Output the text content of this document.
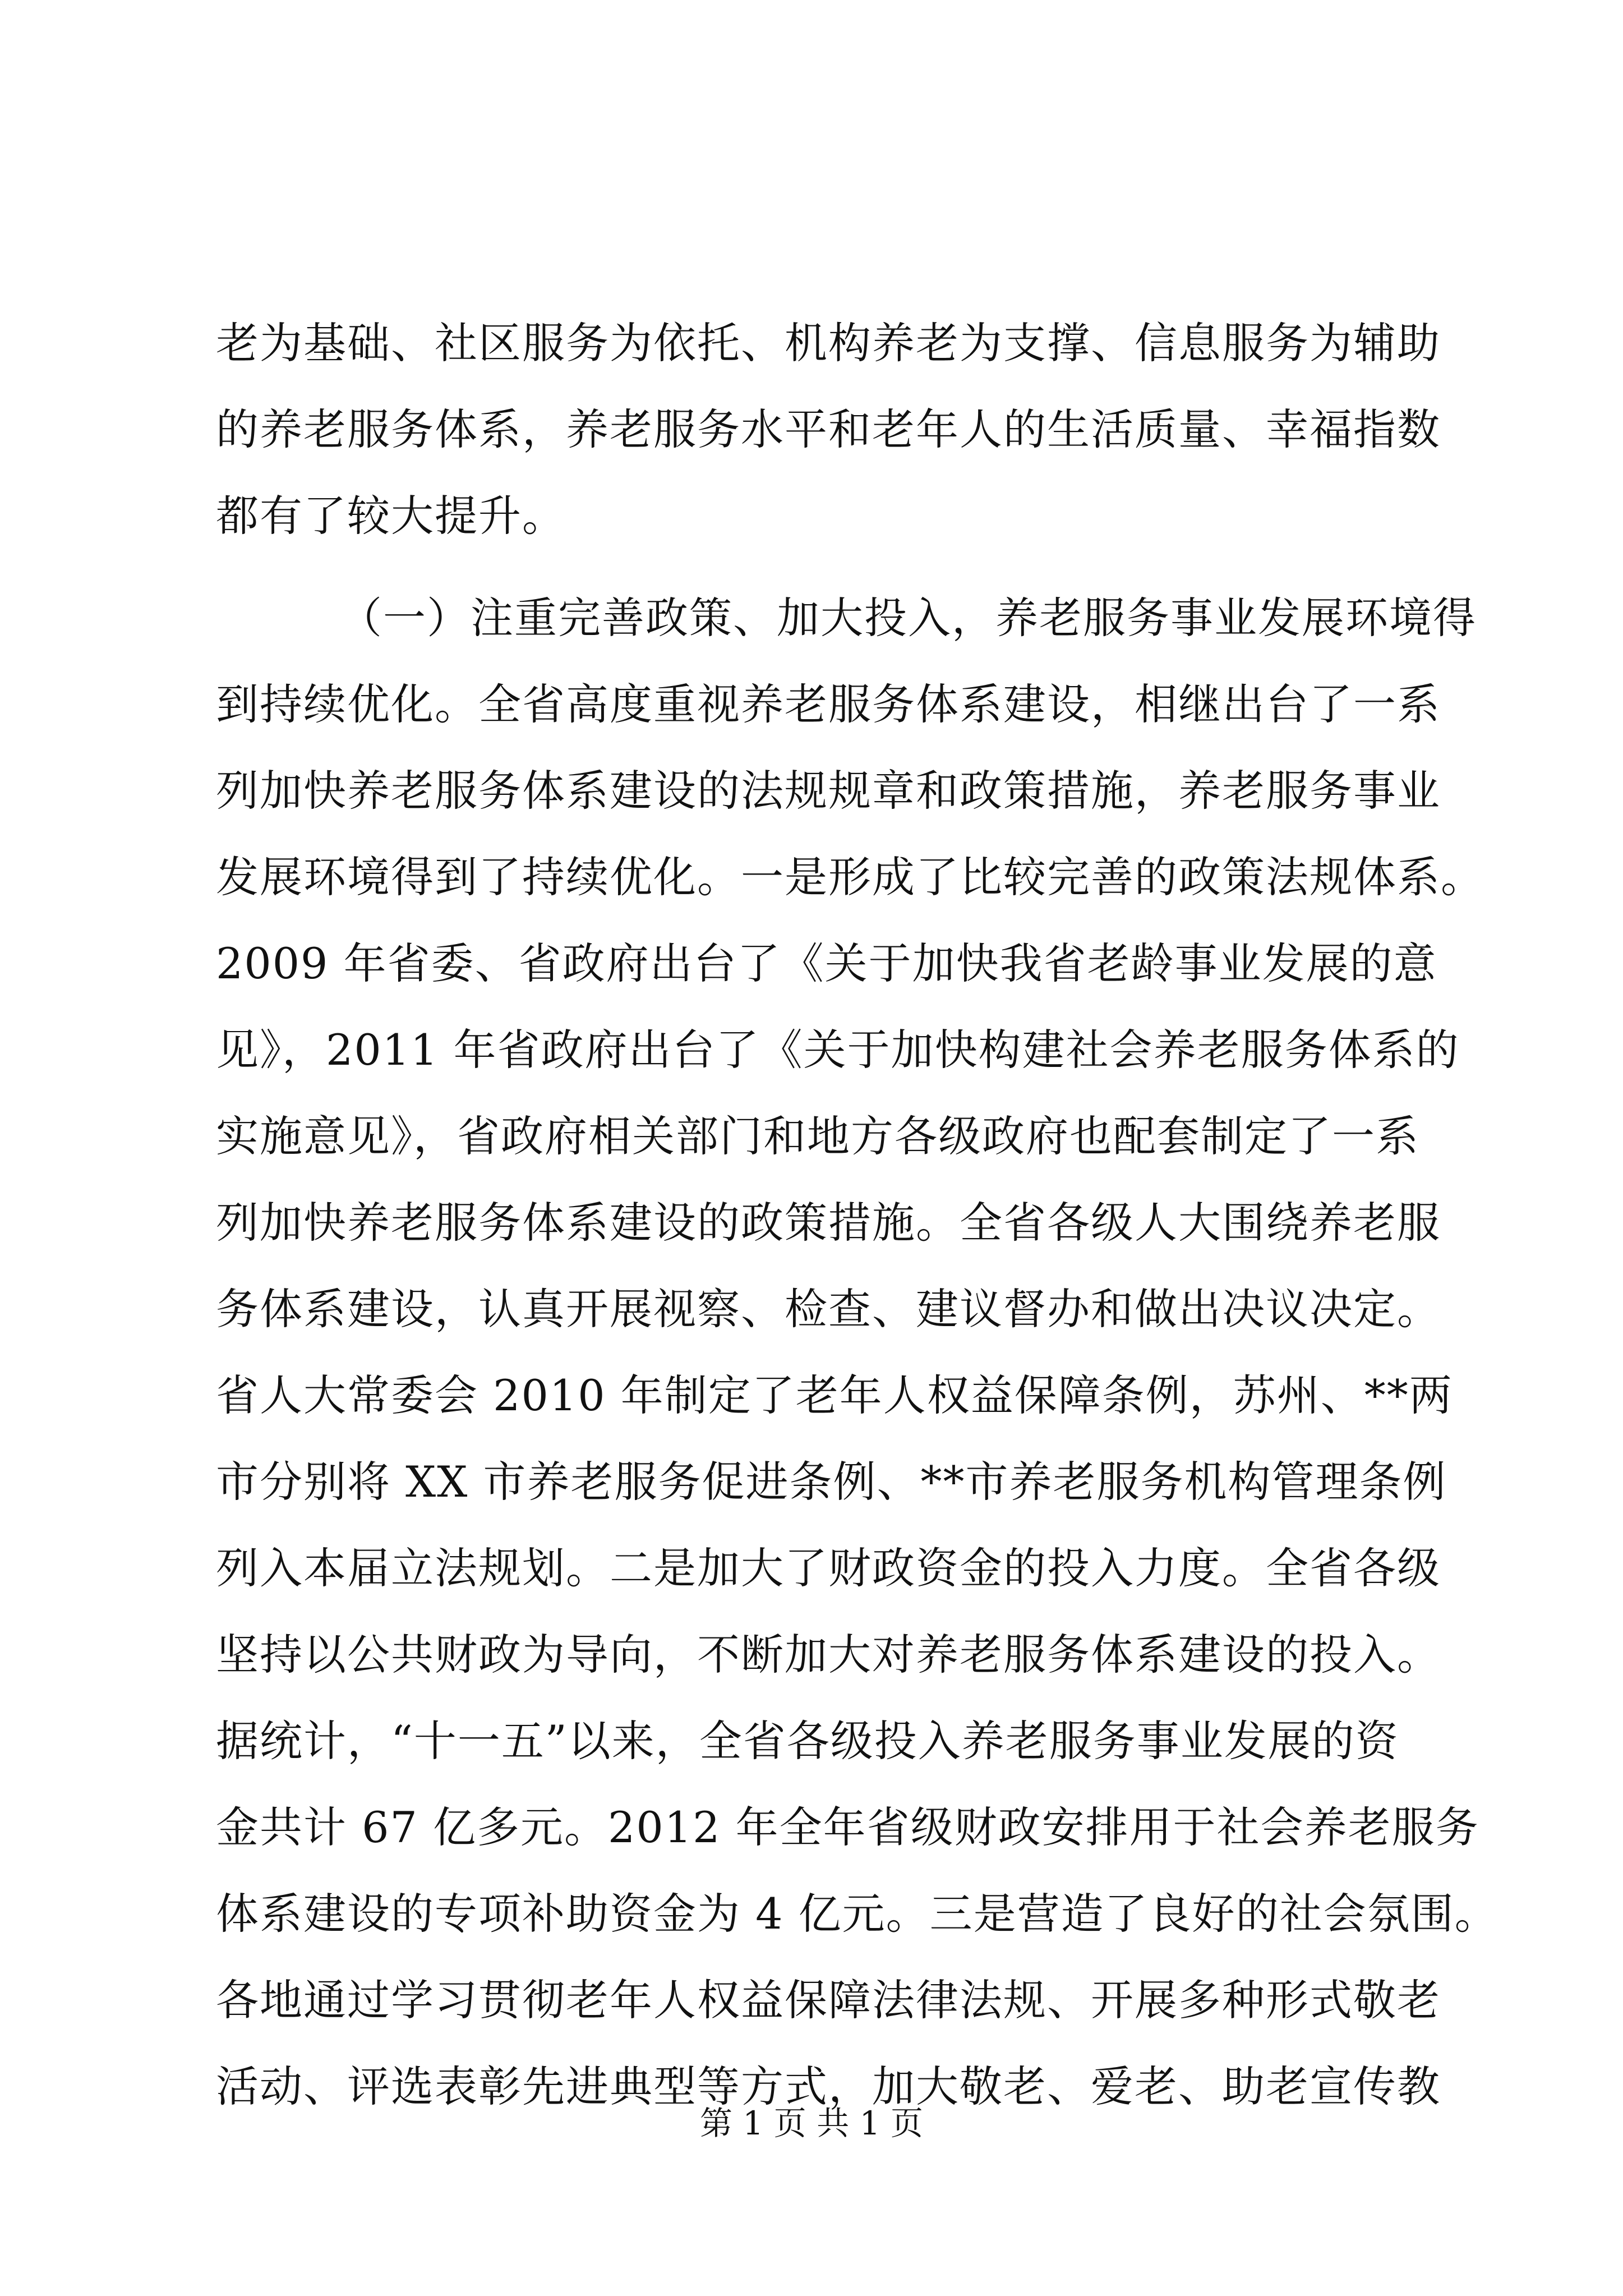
老为基础、社区服务为依托、机构养老为支撑、信息服务为辅助
的养老服务体系，养老服务水平和老年人的生活质量、幸福指数
都有了较大提升。
（一）注重完善政策、加大投入，养老服务事业发展环境得
到持续优化。全省高度重视养老服务体系建设，相继出台了一系
列加快养老服务体系建设的法规规章和政策措施，养老服务事业
发展环境得到了持续优化。一是形成了比较完善的政策法规体系。
2009 年省委、省政府出台了《关于加快我省老龄事业发展的意
见》，2011 年省政府出台了《关于加快构建社会养老服务体系的
实施意见》，省政府相关部门和地方各级政府也配套制定了一系
列加快养老服务体系建设的政策措施。全省各级人大围绕养老服
务体系建设，认真开展视察、检查、建议督办和做出决议决定。
省人大常委会 2010 年制定了老年人权益保障条例，苏州、**两
市分别将 XX 市养老服务促进条例、**市养老服务机构管理条例
列入本届立法规划。二是加大了财政资金的投入力度。全省各级
坚持以公共财政为导向，不断加大对养老服务体系建设的投入。
据统计，“十一五”以来，全省各级投入养老服务事业发展的资
金共计 67 亿多元。2012 年全年省级财政安排用于社会养老服务
体系建设的专项补助资金为 4 亿元。三是营造了良好的社会氛围。
各地通过学习贯彻老年人权益保障法律法规、开展多种形式敬老
活动、评选表彰先进典型等方式，加大敬老、爱老、助老宣传教
第 1 页 共 1 页
